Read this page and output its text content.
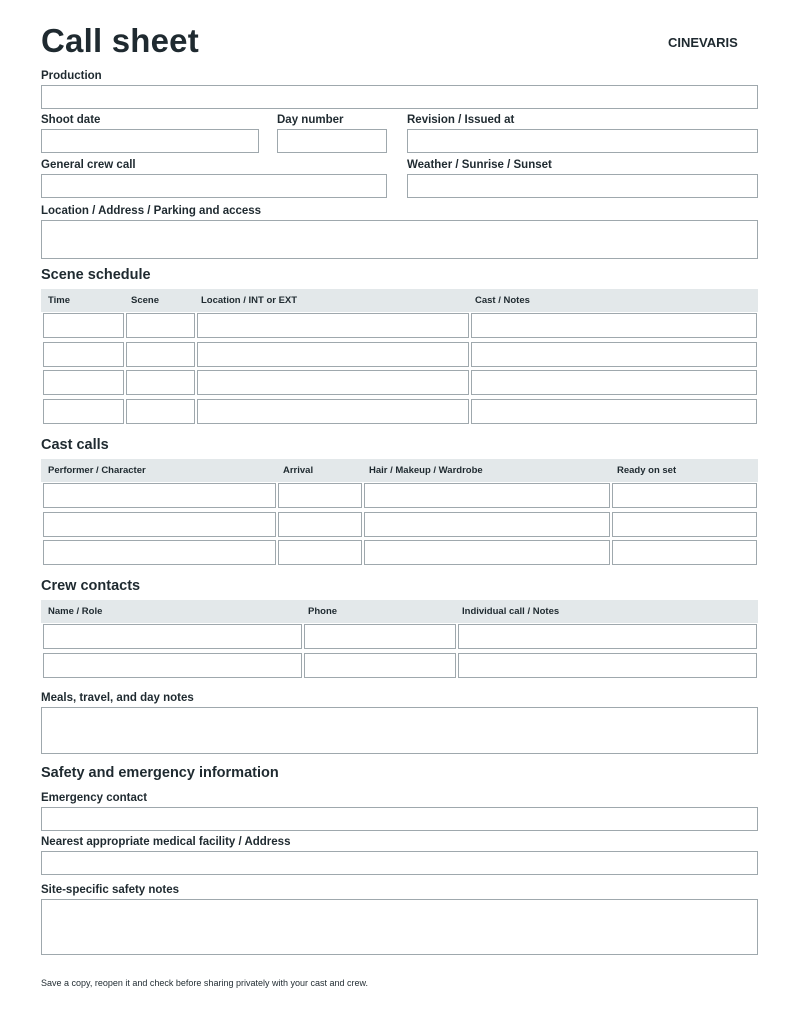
Call sheet	CINEVARIS
Production
Shoot date	Day number	Revision / Issued at
General crew call	Weather / Sunrise / Sunset
Location / Address / Parking and access
Scene schedule
Time	Scene	Location / INT or EXT	Cast / Notes
Cast calls
Performer / Character	Arrival	Hair / Makeup / Wardrobe	Ready on set
Crew contacts
Name / Role	Phone	Individual call / Notes
Meals, travel, and day notes
Safety and emergency information
Emergency contact
Nearest appropriate medical facility / Address
Site-specific safety notes
Save a copy, reopen it and check before sharing privately with your cast and crew.
